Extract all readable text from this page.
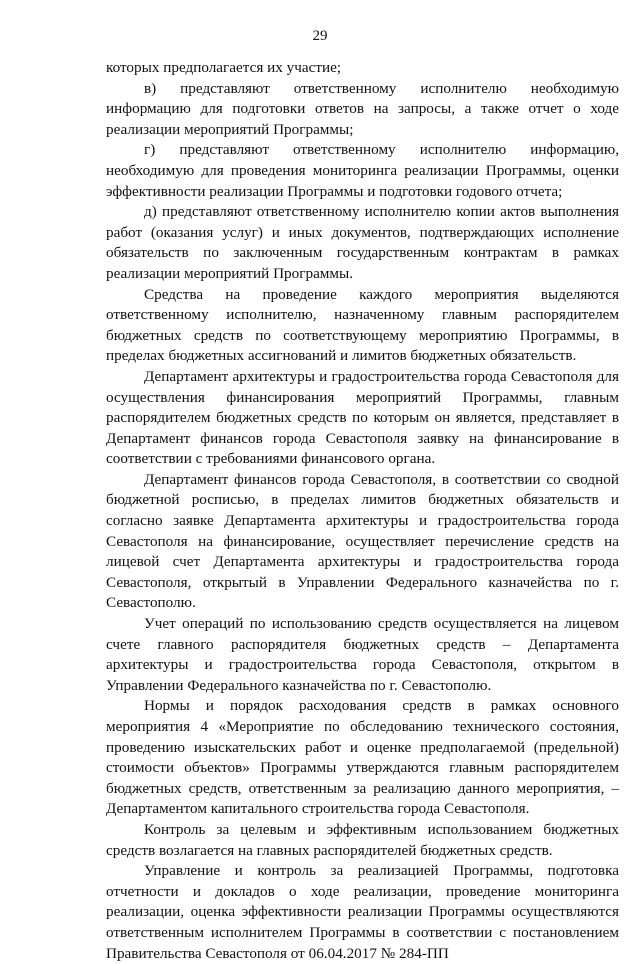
29

которых предполагается их участие;

в) представляют ответственному исполнителю необходимую информацию для подготовки ответов на запросы, а также отчет о ходе реализации мероприятий Программы;

г) представляют ответственному исполнителю информацию, необходимую для проведения мониторинга реализации Программы, оценки эффективности реализации Программы и подготовки годового отчета;

д) представляют ответственному исполнителю копии актов выполнения работ (оказания услуг) и иных документов, подтверждающих исполнение обязательств по заключенным государственным контрактам в рамках реализации мероприятий Программы.

Средства на проведение каждого мероприятия выделяются ответственному исполнителю, назначенному главным распорядителем бюджетных средств по соответствующему мероприятию Программы, в пределах бюджетных ассигнований и лимитов бюджетных обязательств.

Департамент архитектуры и градостроительства города Севастополя для осуществления финансирования мероприятий Программы, главным распорядителем бюджетных средств по которым он является, представляет в Департамент финансов города Севастополя заявку на финансирование в соответствии с требованиями финансового органа.

Департамент финансов города Севастополя, в соответствии со сводной бюджетной росписью, в пределах лимитов бюджетных обязательств и согласно заявке Департамента архитектуры и градостроительства города Севастополя на финансирование, осуществляет перечисление средств на лицевой счет Департамента архитектуры и градостроительства города Севастополя, открытый в Управлении Федерального казначейства по г. Севастополю.

Учет операций по использованию средств осуществляется на лицевом счете главного распорядителя бюджетных средств – Департамента архитектуры и градостроительства города Севастополя, открытом в Управлении Федерального казначейства по г. Севастополю.

Нормы и порядок расходования средств в рамках основного мероприятия 4 «Мероприятие по обследованию технического состояния, проведению изыскательских работ и оценке предполагаемой (предельной) стоимости объектов» Программы утверждаются главным распорядителем бюджетных средств, ответственным за реализацию данного мероприятия, – Департаментом капитального строительства города Севастополя.

Контроль за целевым и эффективным использованием бюджетных средств возлагается на главных распорядителей бюджетных средств.

Управление и контроль за реализацией Программы, подготовка отчетности и докладов о ходе реализации, проведение мониторинга реализации, оценка эффективности реализации Программы осуществляются ответственным исполнителем Программы в соответствии с постановлением Правительства Севастополя от 06.04.2017 № 284-ПП
